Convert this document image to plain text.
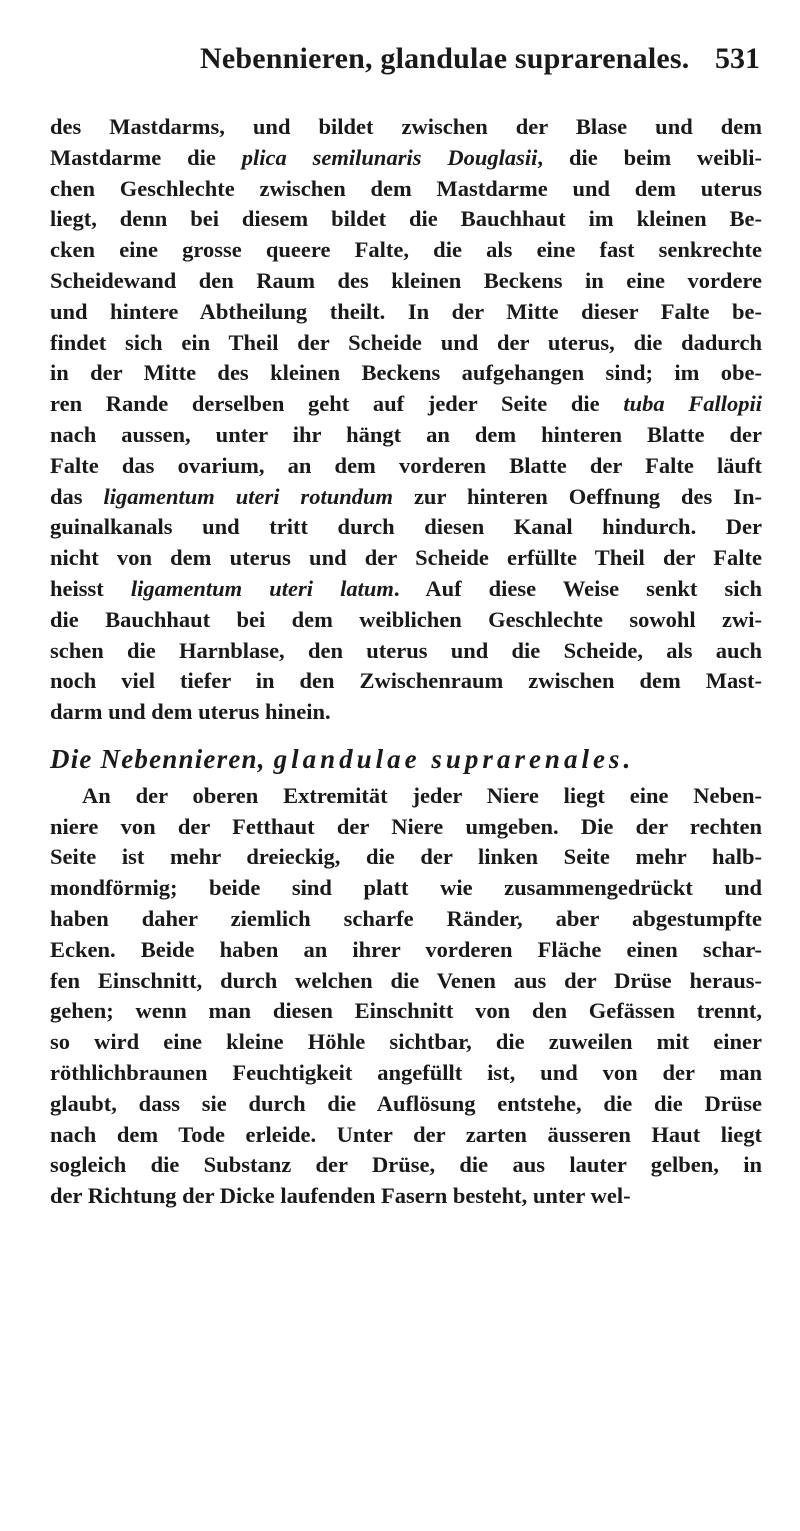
Nebennieren, glandulae suprarenales. 531
des Mastdarms, und bildet zwischen der Blase und dem
Mastdarme die plica semilunaris Douglasii, die beim weibli-
chen Geschlechte zwischen dem Mastdarme und dem uterus
liegt, denn bei diesem bildet die Bauchhaut im kleinen Be-
cken eine grosse queere Falte, die als eine fast senkrechte
Scheidewand den Raum des kleinen Beckens in eine vordere
und hintere Abtheilung theilt. In der Mitte dieser Falte be-
findet sich ein Theil der Scheide und der uterus, die dadurch
in der Mitte des kleinen Beckens aufgehangen sind; im obe-
ren Rande derselben geht auf jeder Seite die tuba Fallopii
nach aussen, unter ihr hängt an dem hinteren Blatte der
Falte das ovarium, an dem vorderen Blatte der Falte läuft
das ligamentum uteri rotundum zur hinteren Oeffnung des In-
guinalkanals und tritt durch diesen Kanal hindurch. Der
nicht von dem uterus und der Scheide erfüllte Theil der Falte
heisst ligamentum uteri latum. Auf diese Weise senkt sich
die Bauchhaut bei dem weiblichen Geschlechte sowohl zwi-
schen die Harnblase, den uterus und die Scheide, als auch
noch viel tiefer in den Zwischenraum zwischen dem Mast-
darm und dem uterus hinein.
Die Nebennieren, glandulae suprarenales.
An der oberen Extremität jeder Niere liegt eine Neben-
niere von der Fetthaut der Niere umgeben. Die der rechten
Seite ist mehr dreieckig, die der linken Seite mehr halb-
mondförmig; beide sind platt wie zusammengedrückt und
haben daher ziemlich scharfe Ränder, aber abgestumpfte
Ecken. Beide haben an ihrer vorderen Fläche einen schar-
fen Einschnitt, durch welchen die Venen aus der Drüse heraus-
gehen; wenn man diesen Einschnitt von den Gefässen trennt,
so wird eine kleine Höhle sichtbar, die zuweilen mit einer
röthlichbraunen Feuchtigkeit angefüllt ist, und von der man
glaubt, dass sie durch die Auflösung entstehe, die die Drüse
nach dem Tode erleide. Unter der zarten äusseren Haut liegt
sogleich die Substanz der Drüse, die aus lauter gelben, in
der Richtung der Dicke laufenden Fasern besteht, unter wel-
